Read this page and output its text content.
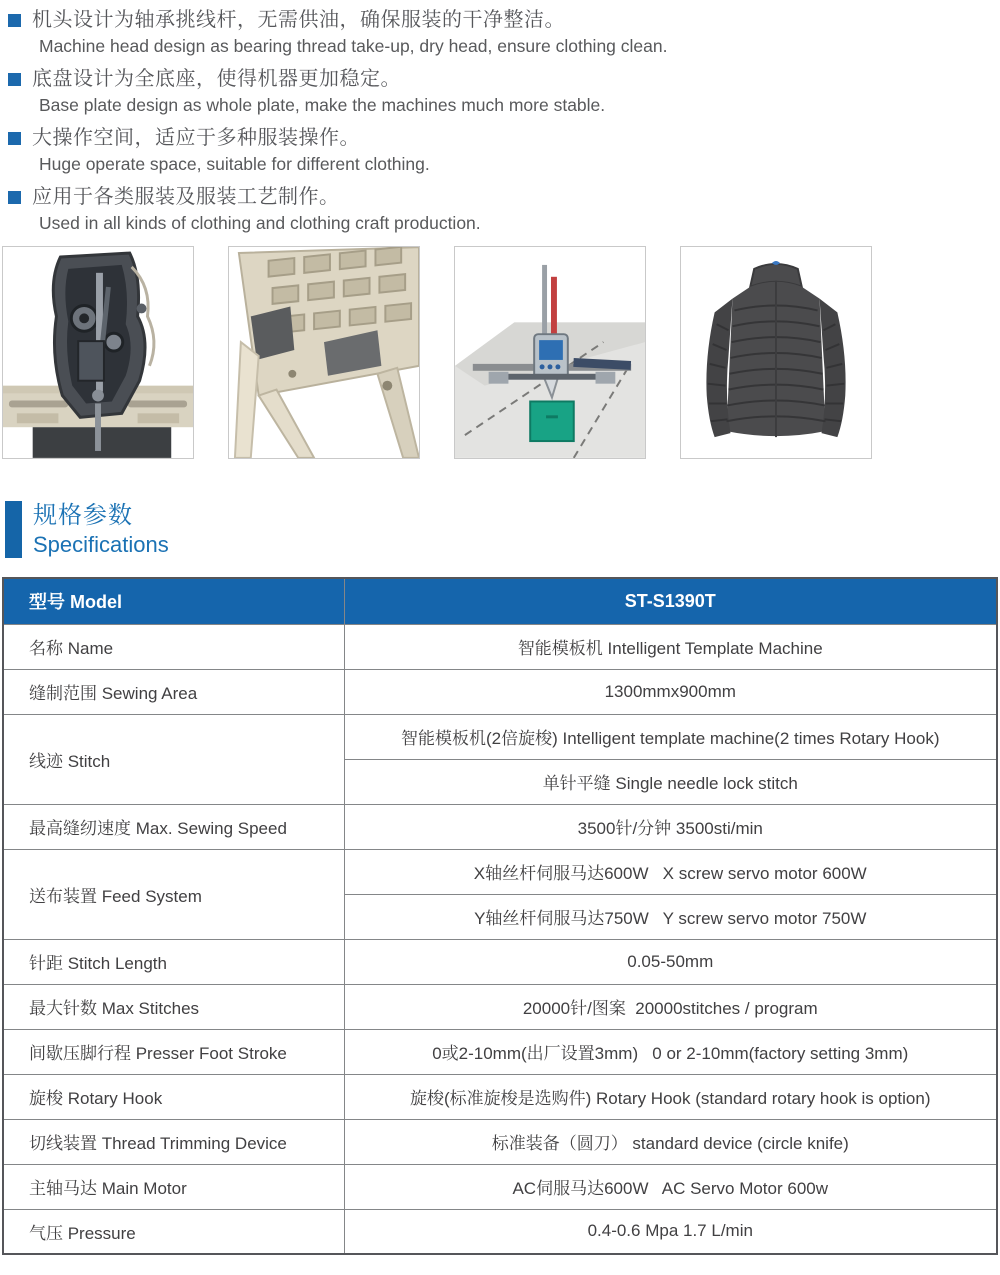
机头设计为轴承挑线杆，无需供油，确保服装的干净整洁。
Machine head design as bearing thread take-up, dry head, ensure clothing clean.
底盘设计为全底座，使得机器更加稳定。
Base plate design as whole plate, make the machines much more stable.
大操作空间，适应于多种服装操作。
Huge operate space, suitable for different clothing.
应用于各类服装及服装工艺制作。
Used in all kinds of clothing and clothing craft production.
规格参数
Specifications
型号 Model	ST-S1390T
名称 Name	智能模板机 Intelligent Template Machine
缝制范围 Sewing Area	1300mmx900mm
线迹 Stitch	智能模板机(2倍旋梭) Intelligent template machine(2 times Rotary Hook)
	单针平缝 Single needle lock stitch
最高缝纫速度 Max. Sewing Speed	3500针/分钟 3500sti/min
送布装置 Feed System	X轴丝杆伺服马达600W   X screw servo motor 600W
	Y轴丝杆伺服马达750W   Y screw servo motor 750W
针距 Stitch Length	0.05-50mm
最大针数 Max Stitches	20000针/图案  20000stitches / program
间歇压脚行程 Presser Foot Stroke	0或2-10mm(出厂设置3mm)   0 or 2-10mm(factory setting 3mm)
旋梭 Rotary Hook	旋梭(标准旋梭是选购件) Rotary Hook (standard rotary hook is option)
切线装置 Thread Trimming Device	标准装备（圆刀） standard device (circle knife)
主轴马达 Main Motor	AC伺服马达600W   AC Servo Motor 600w
气压 Pressure	0.4-0.6 Mpa 1.7 L/min
